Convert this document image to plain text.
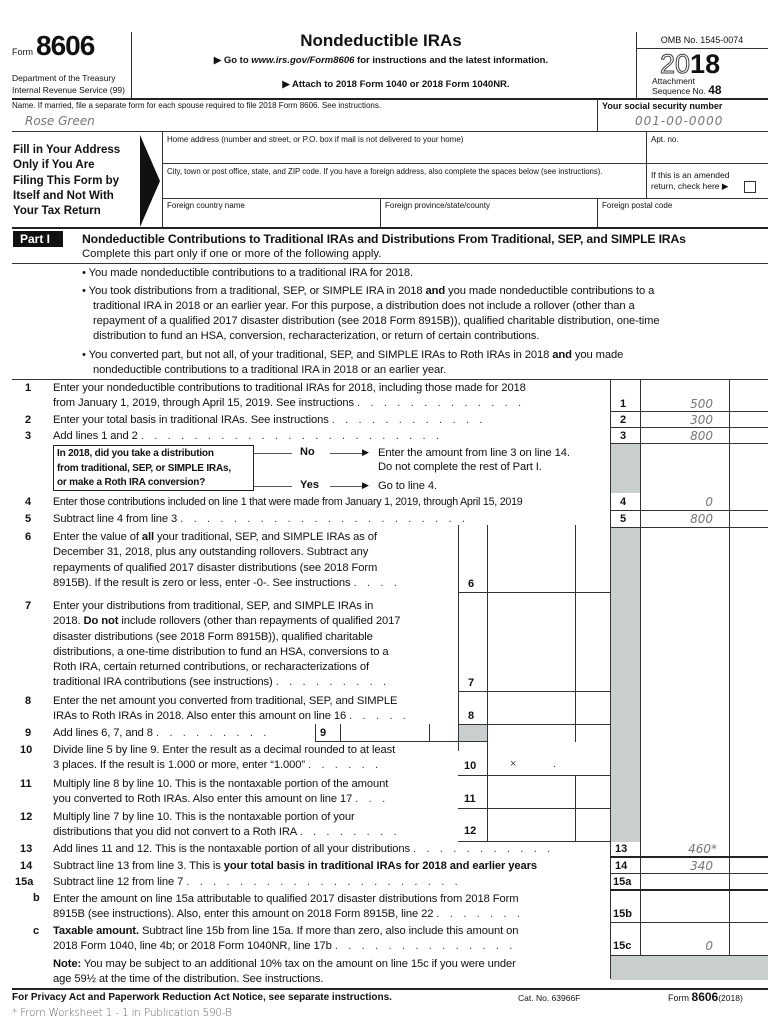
Form 8606
Department of the Treasury
Internal Revenue Service (99)
Nondeductible IRAs
▶ Go to www.irs.gov/Form8606 for instructions and the latest information.
▶ Attach to 2018 Form 1040 or 2018 Form 1040NR.
OMB No. 1545-0074
2018
Attachment
Sequence No. 48
Name. If married, file a separate form for each spouse required to file 2018 Form 8606. See instructions.
Rose Green
Your social security number
001-00-0000
Fill in Your Address
Only if You Are
Filing This Form by
Itself and Not With
Your Tax Return
Home address (number and street, or P.O. box if mail is not delivered to your home)	Apt. no.
City, town or post office, state, and ZIP code. If you have a foreign address, also complete the spaces below (see instructions).	If this is an amended
return, check here ▶
Foreign country name	Foreign province/state/county	Foreign postal code
Part I	Nondeductible Contributions to Traditional IRAs and Distributions From Traditional, SEP, and SIMPLE IRAs
Complete this part only if one or more of the following apply.
• You made nondeductible contributions to a traditional IRA for 2018.
• You took distributions from a traditional, SEP, or SIMPLE IRA in 2018 and you made nondeductible contributions to a
traditional IRA in 2018 or an earlier year. For this purpose, a distribution does not include a rollover (other than a
repayment of a qualified 2017 disaster distribution (see 2018 Form 8915B)), qualified charitable distribution, one-time
distribution to fund an HSA, conversion, recharacterization, or return of certain contributions.
• You converted part, but not all, of your traditional, SEP, and SIMPLE IRAs to Roth IRAs in 2018 and you made
nondeductible contributions to a traditional IRA in 2018 or an earlier year.
1 Enter your nondeductible contributions to traditional IRAs for 2018, including those made for 2018
from January 1, 2019, through April 15, 2019. See instructions . . . . . . . . . . . . .	1	500
2 Enter your total basis in traditional IRAs. See instructions . . . . . . . . . . . .	2	300
3 Add lines 1 and 2 . . . . . . . . . . . . . . . . . . . . . . .	3	800
In 2018, did you take a distribution
from traditional, SEP, or SIMPLE IRAs,
or make a Roth IRA conversion?
No	▶ Enter the amount from line 3 on line 14.
Do not complete the rest of Part I.
Yes	▶ Go to line 4.
4 Enter those contributions included on line 1 that were made from January 1, 2019, through April 15, 2019	4	0
5 Subtract line 4 from line 3 . . . . . . . . . . . . . . . . . . . . . .	5	800
6 Enter the value of all your traditional, SEP, and SIMPLE IRAs as of
December 31, 2018, plus any outstanding rollovers. Subtract any
repayments of qualified 2017 disaster distributions (see 2018 Form
8915B). If the result is zero or less, enter -0-. See instructions . . . .	6
7 Enter your distributions from traditional, SEP, and SIMPLE IRAs in
2018. Do not include rollovers (other than repayments of qualified 2017
disaster distributions (see 2018 Form 8915B)), qualified charitable
distributions, a one-time distribution to fund an HSA, conversions to a
Roth IRA, certain returned contributions, or recharacterizations of
traditional IRA contributions (see instructions) . . . . . . . . .	7
8 Enter the net amount you converted from traditional, SEP, and SIMPLE
IRAs to Roth IRAs in 2018. Also enter this amount on line 16 . . . . .	8
9 Add lines 6, 7, and 8 . . . . . . . . .	9
10 Divide line 5 by line 9. Enter the result as a decimal rounded to at least
3 places. If the result is 1.000 or more, enter “1.000” . . . . . .	10	×	.
11 Multiply line 8 by line 10. This is the nontaxable portion of the amount
you converted to Roth IRAs. Also enter this amount on line 17 . . .	11
12 Multiply line 7 by line 10. This is the nontaxable portion of your
distributions that you did not convert to a Roth IRA . . . . . . . .	12
13 Add lines 11 and 12. This is the nontaxable portion of all your distributions . . . . . . . . . . .	13	460*
14 Subtract line 13 from line 3. This is your total basis in traditional IRAs for 2018 and earlier years	14	340
15a Subtract line 12 from line 7 . . . . . . . . . . . . . . . . . . . . .	15a
b Enter the amount on line 15a attributable to qualified 2017 disaster distributions from 2018 Form
8915B (see instructions). Also, enter this amount on 2018 Form 8915B, line 22 . . . . . . .	15b
c Taxable amount. Subtract line 15b from line 15a. If more than zero, also include this amount on
2018 Form 1040, line 4b; or 2018 Form 1040NR, line 17b . . . . . . . . . . . . . .	15c	0
Note: You may be subject to an additional 10% tax on the amount on line 15c if you were under
age 59½ at the time of the distribution. See instructions.
For Privacy Act and Paperwork Reduction Act Notice, see separate instructions.	Cat. No. 63966F	Form 8606(2018)
* From Worksheet 1 - 1 in Publication 590-B
